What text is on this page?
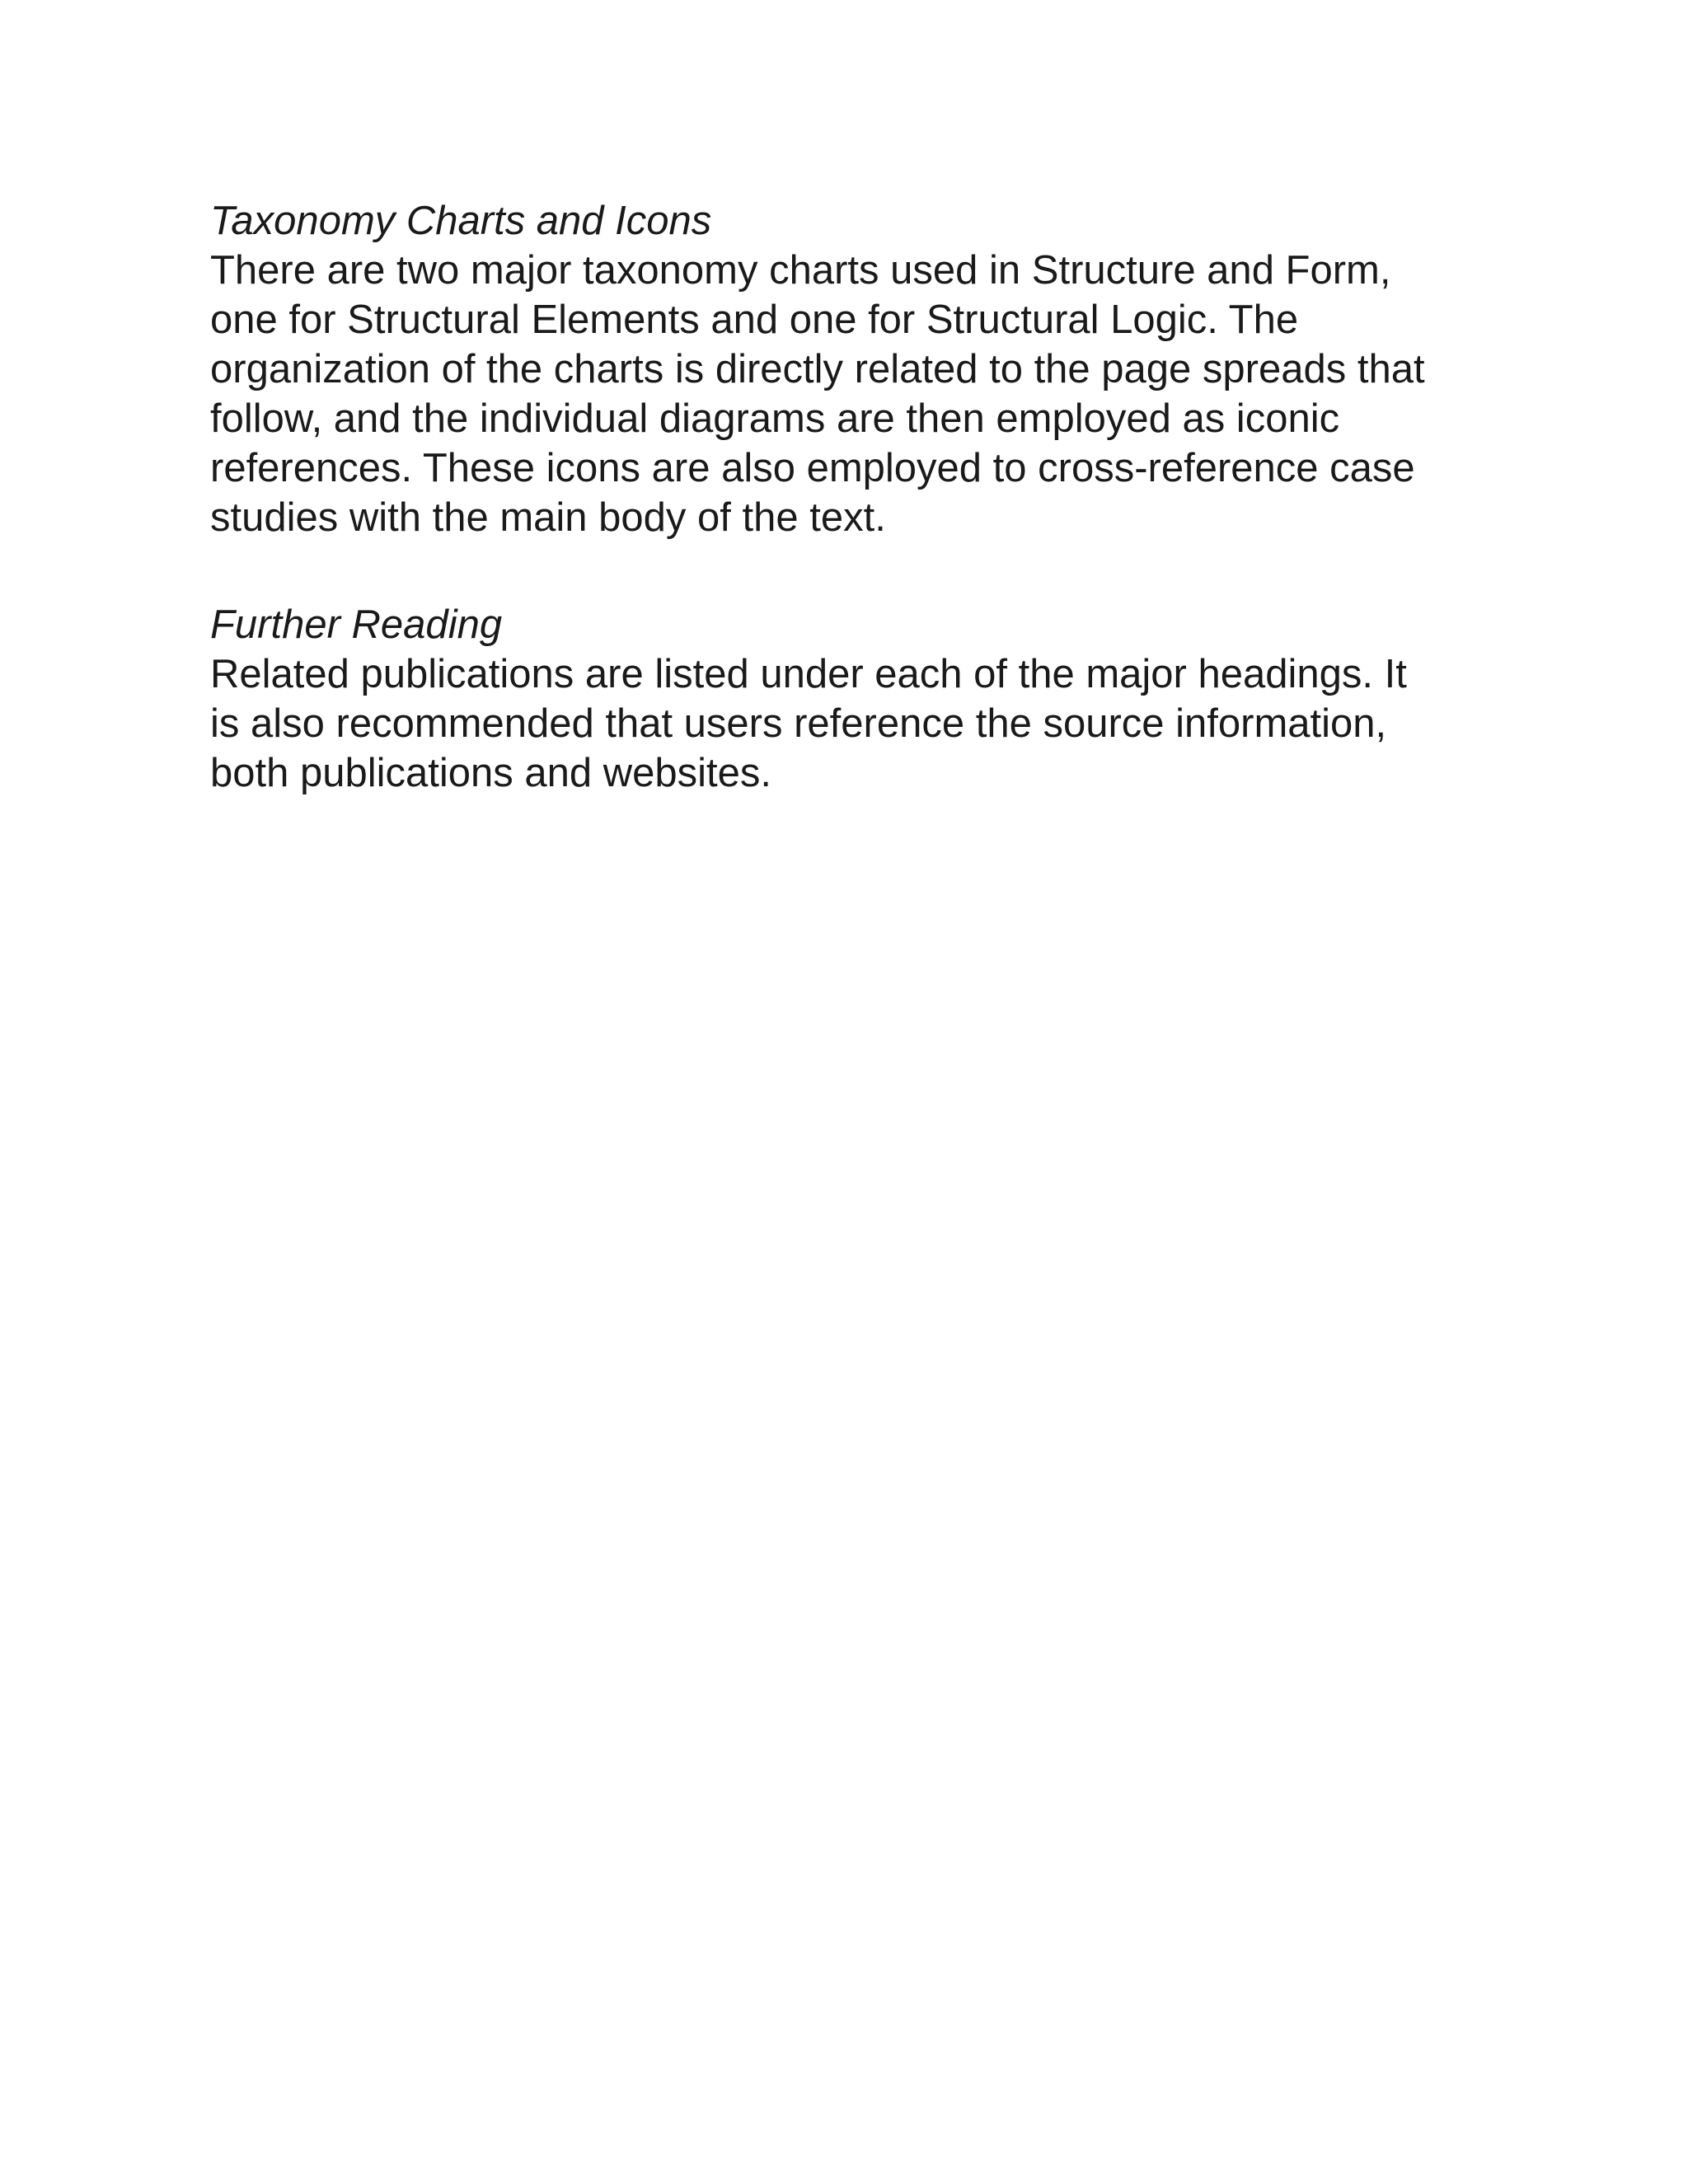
Taxonomy Charts and Icons
There are two major taxonomy charts used in Structure and Form,
one for Structural Elements and one for Structural Logic. The
organization of the charts is directly related to the page spreads that
follow, and the individual diagrams are then employed as iconic
references. These icons are also employed to cross-reference case
studies with the main body of the text.
Further Reading
Related publications are listed under each of the major headings. It
is also recommended that users reference the source information,
both publications and websites.
